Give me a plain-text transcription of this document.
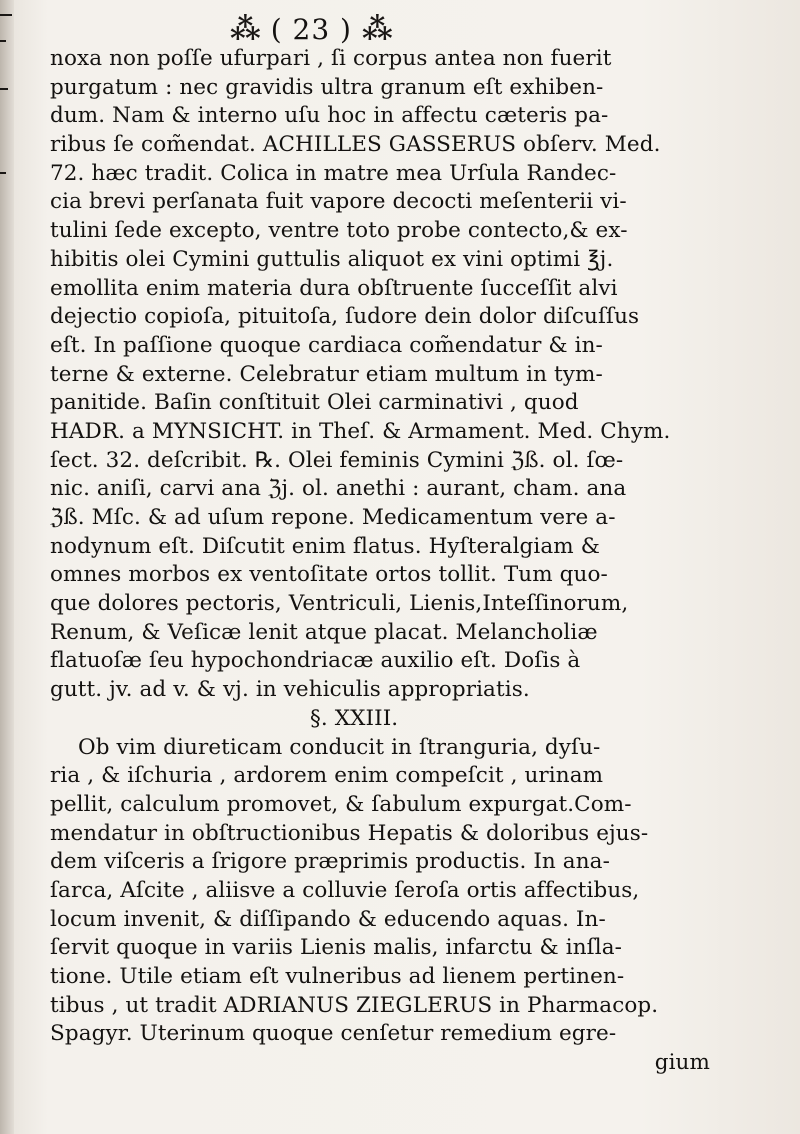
⁂ ( 23 ) ⁂
noxa non poſſe ufurpari , ſi corpus antea non fuerit
purgatum : nec gravidis ultra granum eſt exhiben-
dum. Nam & interno uſu hoc in affectu cæteris pa-
ribus ſe com̃endat. ACHILLES GASSERUS obſerv. Med.
72. hæc tradit. Colica in matre mea Urſula Randec-
cia brevi perſanata fuit vapore decocti meſenterii vi-
tulini ſede excepto, ventre toto probe contecto,& ex-
hibitis olei Cymini guttulis aliquot ex vini optimi ℥j.
emollita enim materia dura obſtruente ſucceſſit alvi
dejectio copioſa, pituitoſa, ſudore dein dolor diſcuſſus
eſt. In paſſione quoque cardiaca com̃endatur & in-
terne & externe. Celebratur etiam multum in tym-
panitide. Baſin conſtituit Olei carminativi , quod
HADR. a MYNSICHT. in Theſ. & Armament. Med. Chym.
ſect. 32. deſcribit. ℞. Olei feminis Cymini ℨß. ol. ſœ-
nic. aniſi, carvi ana ℨj. ol. anethi : aurant, cham. ana
ℨß. Mſc. & ad uſum repone. Medicamentum vere a-
nodynum eſt. Diſcutit enim flatus. Hyſteralgiam &
omnes morbos ex ventoſitate ortos tollit. Tum quo-
que dolores pectoris, Ventriculi, Lienis,Inteſſinorum,
Renum, & Veſicæ lenit atque placat. Melancholiæ
flatuoſæ ſeu hypochondriacæ auxilio eſt. Doſis à
gutt. jv. ad v. & vj. in vehiculis appropriatis.
§. XXIII.
Ob vim diureticam conducit in ſtranguria, dyſu-
ria , & iſchuria , ardorem enim compeſcit , urinam
pellit, calculum promovet, & ſabulum expurgat.Com-
mendatur in obſtructionibus Hepatis & doloribus ejus-
dem viſceris a ſrigore præprimis productis. In ana-
ſarca, Aſcite , aliisve a colluvie ſeroſa ortis affectibus,
locum invenit, & diſſipando & educendo aquas. In-
ſervit quoque in variis Lienis malis, infarctu & inſla-
tione. Utile etiam eſt vulneribus ad lienem pertinen-
tibus , ut tradit ADRIANUS ZIEGLERUS in Pharmacop.
Spagyr. Uterinum quoque cenſetur remedium egre-
gium
